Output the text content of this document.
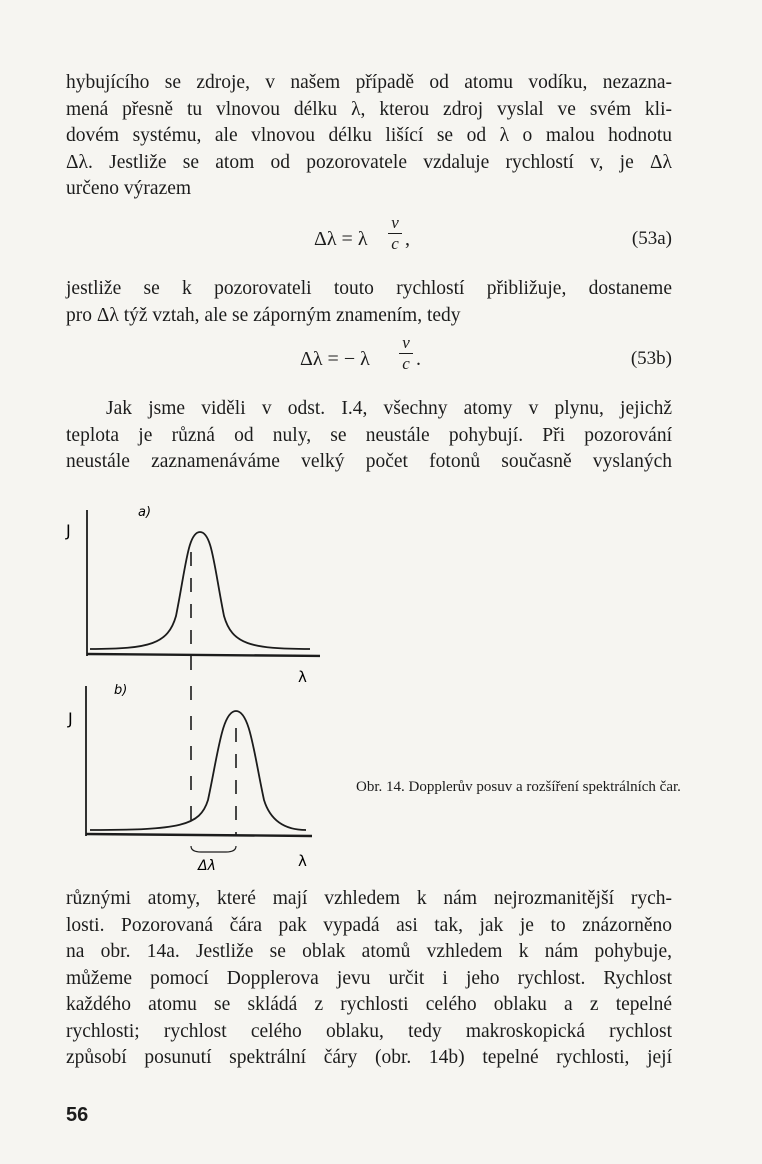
hybujícího se zdroje, v našem případě od atomu vodíku, nezazna-
mená přesně tu vlnovou délku λ, kterou zdroj vyslal ve svém kli-
dovém systému, ale vlnovou délku lišící se od λ o malou hodnotu
Δλ. Jestliže se atom od pozorovatele vzdaluje rychlostí v, je Δλ
určeno výrazem
Δλ = λ
v
c ,	(53a)
jestliže se k pozorovateli touto rychlostí přibližuje, dostaneme
pro Δλ týž vztah, ale se záporným znamením, tedy
Δλ = − λ
v
c .	(53b)
Jak jsme viděli v odst. I.4, všechny atomy v plynu, jejichž
teplota je různá od nuly, se neustále pohybují. Při pozorování
neustále zaznamenáváme velký počet fotonů současně vyslaných
a)
J
λ
b)
J
Δλ	λ
Obr. 14. Dopplerův posuv a rozšíření spektrálních čar.
různými atomy, které mají vzhledem k nám nejrozmanitější rych-
losti. Pozorovaná čára pak vypadá asi tak, jak je to znázorněno
na obr. 14a. Jestliže se oblak atomů vzhledem k nám pohybuje,
můžeme pomocí Dopplerova jevu určit i jeho rychlost. Rychlost
každého atomu se skládá z rychlosti celého oblaku a z tepelné
rychlosti; rychlost celého oblaku, tedy makroskopická rychlost
způsobí posunutí spektrální čáry (obr. 14b) tepelné rychlosti, její
56
